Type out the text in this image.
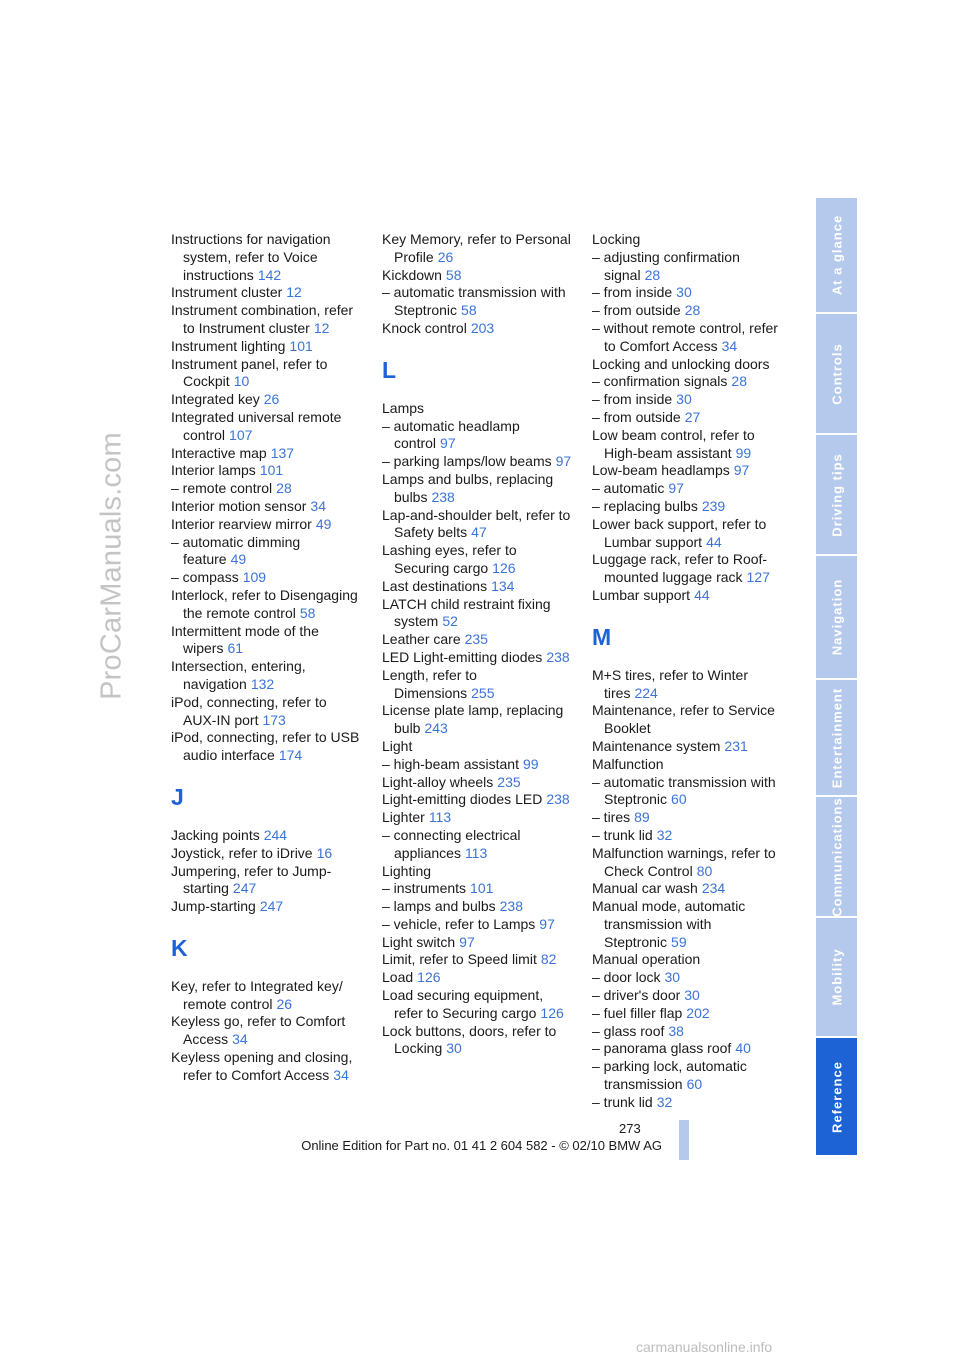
ProCarManuals.com
At a glance
Controls
Driving tips
Navigation
Entertainment
Communications
Mobility
Reference
Instructions for navigation system, refer to Voice instructions 142
Instrument cluster 12
Instrument combination, refer to Instrument cluster 12
Instrument lighting 101
Instrument panel, refer to Cockpit 10
Integrated key 26
Integrated universal remote control 107
Interactive map 137
Interior lamps 101
– remote control 28
Interior motion sensor 34
Interior rearview mirror 49
– automatic dimming feature 49
– compass 109
Interlock, refer to Disengaging the remote control 58
Intermittent mode of the wipers 61
Intersection, entering, navigation 132
iPod, connecting, refer to AUX-IN port 173
iPod, connecting, refer to USB audio interface 174
J
Jacking points 244
Joystick, refer to iDrive 16
Jumpering, refer to Jump-starting 247
Jump-starting 247
K
Key, refer to Integrated key/ remote control 26
Keyless go, refer to Comfort Access 34
Keyless opening and closing, refer to Comfort Access 34
Key Memory, refer to Personal Profile 26
Kickdown 58
– automatic transmission with Steptronic 58
Knock control 203
L
Lamps
– automatic headlamp control 97
– parking lamps/low beams 97
Lamps and bulbs, replacing bulbs 238
Lap-and-shoulder belt, refer to Safety belts 47
Lashing eyes, refer to Securing cargo 126
Last destinations 134
LATCH child restraint fixing system 52
Leather care 235
LED Light-emitting diodes 238
Length, refer to Dimensions 255
License plate lamp, replacing bulb 243
Light
– high-beam assistant 99
Light-alloy wheels 235
Light-emitting diodes LED 238
Lighter 113
– connecting electrical appliances 113
Lighting
– instruments 101
– lamps and bulbs 238
– vehicle, refer to Lamps 97
Light switch 97
Limit, refer to Speed limit 82
Load 126
Load securing equipment, refer to Securing cargo 126
Lock buttons, doors, refer to Locking 30
Locking
– adjusting confirmation signal 28
– from inside 30
– from outside 28
– without remote control, refer to Comfort Access 34
Locking and unlocking doors
– confirmation signals 28
– from inside 30
– from outside 27
Low beam control, refer to High-beam assistant 99
Low-beam headlamps 97
– automatic 97
– replacing bulbs 239
Lower back support, refer to Lumbar support 44
Luggage rack, refer to Roof-mounted luggage rack 127
Lumbar support 44
M
M+S tires, refer to Winter tires 224
Maintenance, refer to Service Booklet
Maintenance system 231
Malfunction
– automatic transmission with Steptronic 60
– tires 89
– trunk lid 32
Malfunction warnings, refer to Check Control 80
Manual car wash 234
Manual mode, automatic transmission with Steptronic 59
Manual operation
– door lock 30
– driver's door 30
– fuel filler flap 202
– glass roof 38
– panorama glass roof 40
– parking lock, automatic transmission 60
– trunk lid 32
273
Online Edition for Part no. 01 41 2 604 582 - © 02/10 BMW AG
carmanualsonline.info
